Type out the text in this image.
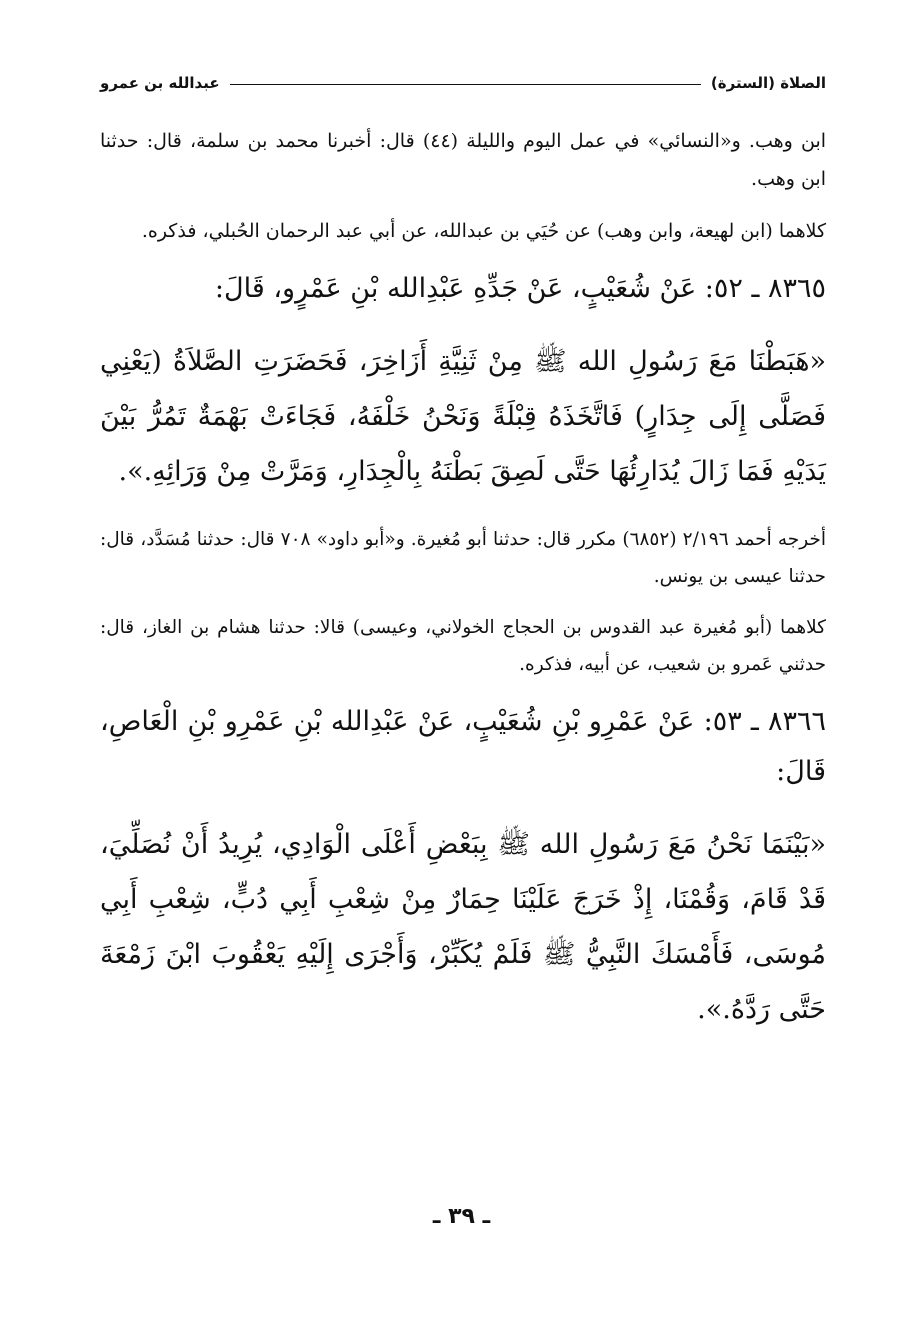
الصلاة (السترة)
عبدالله بن عمرو

ابن وهب. و«النسائي» في عمل اليوم والليلة (٤٤) قال: أخبرنا محمد بن سلمة، قال: حدثنا ابن وهب.

كلاهما (ابن لهيعة، وابن وهب) عن حُيَي بن عبدالله، عن أبي عبد الرحمان الحُبلي، فذكره.

٨٣٦٥ ـ ٥٢: عَنْ شُعَيْبٍ، عَنْ جَدِّهِ عَبْدِالله بْنِ عَمْرٍو، قَالَ:

«هَبَطْنَا مَعَ رَسُولِ الله ﷺ مِنْ ثَنِيَّةِ أَزَاخِرَ، فَحَضَرَتِ الصَّلاَةُ (يَعْنِي فَصَلَّى إِلَى جِدَارٍ) فَاتَّخَذَهُ قِبْلَةً وَنَحْنُ خَلْفَهُ، فَجَاءَتْ بَهْمَةٌ تَمُرُّ بَيْنَ يَدَيْهِ فَمَا زَالَ يُدَارِئُهَا حَتَّى لَصِقَ بَطْنَهُ بِالْجِدَارِ، وَمَرَّتْ مِنْ وَرَائِهِ.».

أخرجه أحمد ٢/١٩٦ (٦٨٥٢) مكرر قال: حدثنا أبو مُغيرة. و«أبو داود» ٧٠٨ قال: حدثنا مُسَدَّد، قال: حدثنا عيسى بن يونس.

كلاهما (أبو مُغيرة عبد القدوس بن الحجاج الخولاني، وعيسى) قالا: حدثنا هشام بن الغاز، قال: حدثني عَمرو بن شعيب، عن أبيه، فذكره.

٨٣٦٦ ـ ٥٣: عَنْ عَمْرِو بْنِ شُعَيْبٍ، عَنْ عَبْدِالله بْنِ عَمْرِو بْنِ الْعَاصِ، قَالَ:

«بَيْنَمَا نَحْنُ مَعَ رَسُولِ الله ﷺ بِبَعْضِ أَعْلَى الْوَادِي، يُرِيدُ أَنْ نُصَلِّيَ، قَدْ قَامَ، وَقُمْنَا، إِذْ خَرَجَ عَلَيْنَا حِمَارٌ مِنْ شِعْبِ أَبِي دُبٍّ، شِعْبِ أَبِي مُوسَى، فَأَمْسَكَ النَّبِيُّ ﷺ فَلَمْ يُكَبِّرْ، وَأَجْرَى إِلَيْهِ يَعْقُوبَ ابْنَ زَمْعَةَ حَتَّى رَدَّهُ.».

ـ ٣٩ ـ
